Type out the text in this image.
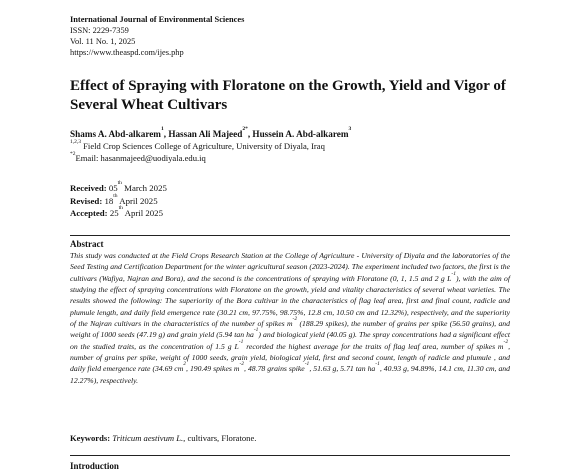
International Journal of Environmental Sciences
ISSN: 2229-7359
Vol. 11 No. 1, 2025
https://www.theaspd.com/ijes.php
Effect of Spraying with Floratone on the Growth, Yield and Vigor of Several Wheat Cultivars
Shams A. Abd-alkarem$^1$, Hassan Ali Majeed$^{2*}$, Hussein A. Abd-alkarem$^3$
$^{1,2,3}$ Field Crop Sciences College of Agriculture, University of Diyala, Iraq
$^{*2}$Email: hasanmajeed@uodiyala.edu.iq
Received: 05th March 2025
Revised: 18th April 2025
Accepted: 25th April 2025
Abstract
This study was conducted at the Field Crops Research Station at the College of Agriculture - University of Diyala and the laboratories of the Seed Testing and Certification Department for the winter agricultural season (2023-2024). The experiment included two factors, the first is the cultivars (Wafiya, Najran and Bora), and the second is the concentrations of spraying with Floratone (0, 1, 1.5 and 2 g $L^{-1}$), with the aim of studying the effect of spraying concentrations with Floratone on the growth, yield and vitality characteristics of several wheat varieties. The results showed the following: The superiority of the Bora cultivar in the characteristics of flag leaf area, first and final count, radicle and plumule length, and daily field emergence rate (30.21 cm, 97.75%, 98.75%, 12.8 cm, 10.50 cm and 12.32%), respectively, and the superiority of the Najran cultivars in the characteristics of the number of spikes $m^{-2}$ (188.29 spikes), the number of grains per spike (56.50 grains), and weight of 1000 seeds (47.19 g) and grain yield (5.94 $\tan ha^{-1}$) and biological yield (40.05 g). The spray concentrations had a significant effect on the studied traits, as the concentration of 1.5 g $L^{-1}$ recorded the highest average for the traits of flag leaf area, number of spikes $m^{-2}$, number of grains per spike, weight of 1000 seeds, grain yield, biological yield, first and second count, length of radicle and plumule , and daily field emergence rate (34.69 $cm^2$, 190.49 spikes $m^{-2}$, 48.78 grains spike$^{-1}$, 51.63 g, 5.71 $\tan ha^{-1}$, 40.93 g, 94.89%, 14.1 cm, 11.30 cm, and 12.27%), respectively.
Keywords: Triticum aestivum L., cultivars, Floratone.
Introduction
